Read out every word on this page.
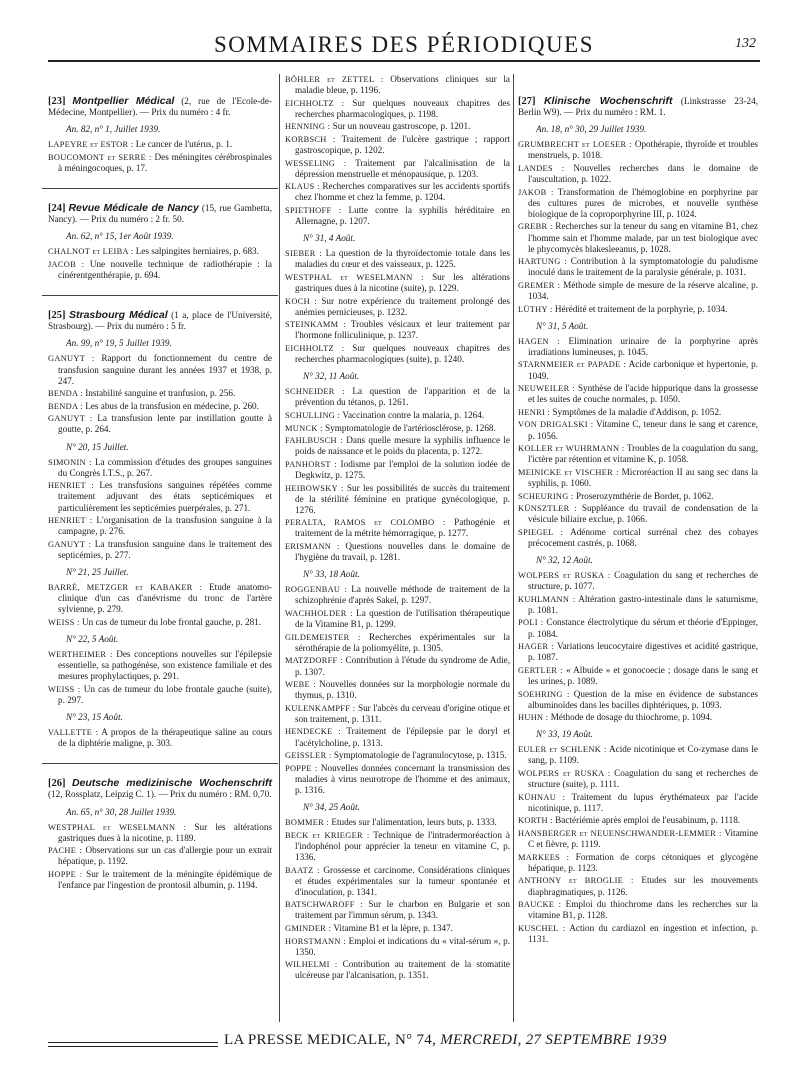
SOMMAIRES DES PÉRIODIQUES	132
[23] Montpellier Médical (2, rue de l'Ecole-de-Médecine, Montpellier). — Prix du numéro : 4 fr.
An. 82, n° 1, Juillet 1939.
LAPEYRE et ESTOR : Le cancer de l'utérus, p. 1.
BOUCOMONT et SERRE : Des méningites cérébrospinales à méningocoques, p. 17.
[24] Revue Médicale de Nancy (15, rue Gambetta, Nancy). — Prix du numéro : 2 fr. 50.
An. 62, n° 15, 1er Août 1939.
CHALNOT et LEIBA : Les salpingites herniaires, p. 683.
JACOB : Une nouvelle technique de radiothérapie : la cinérentgenthérapie, p. 694.
[25] Strasbourg Médical (1 a, place de l'Université, Strasbourg). — Prix du numéro : 5 fr.
An. 99, n° 19, 5 Juillet 1939.
GANUYT : Rapport du fonctionnement du centre de transfusion sanguine durant les années 1937 et 1938, p. 247.
BENDA : Instabilité sanguine et tranfusion, p. 256.
BENDA : Les abus de la transfusion en médecine, p. 260.
GANUYT : La transfusion lente par instillation goutte à goutte, p. 264.
N° 20, 15 Juillet.
SIMONIN : La commission d'études des groupes sanguines du Congrès I.T.S., p. 267.
HENRIET : Les transfusions sanguines répétées comme traitement adjuvant des états septicémiques et particulièrement les septicémies puerpérales, p. 271.
HENRIET : L'organisation de la transfusion sanguine à la campagne, p. 276.
GANUYT : La transfusion sanguine dans le traitement des septicémies, p. 277.
N° 21, 25 Juillet.
BARRÉ, METZGER et KABAKER : Etude anatomo-clinique d'un cas d'anévrisme du tronc de l'artère sylvienne, p. 279.
WEISS : Un cas de tumeur du lobe frontal gauche, p. 281.
N° 22, 5 Août.
WERTHEIMER : Des conceptions nouvelles sur l'épilepsie essentielle, sa pathogénèse, son existence familiale et des mesures prophylactiques, p. 291.
WEISS : Un cas de tumeur du lobe frontale gauche (suite), p. 297.
N° 23, 15 Août.
VALLETTE : A propos de la thérapeutique saline au cours de la diphtérie maligne, p. 303.
[26] Deutsche medizinische Wochenschrift (12, Rossplatz, Leipzig C. 1). — Prix du numéro : RM. 0,70.
An. 65, n° 30, 28 Juillet 1939.
WESTPHAL et WESELMANN : Sur les altérations gastriques dues à la nicotine, p. 1189.
PACHE : Observations sur un cas d'allergie pour un extrait hépatique, p. 1192.
HOPPE : Sur le traitement de la méningite épidémique de l'enfance par l'ingestion de prontosil albumin, p. 1194.
BÖHLER et ZETTEL : Observations cliniques sur la maladie bleue, p. 1196.
EICHHOLTZ : Sur quelques nouveaux chapitres des recherches pharmacologiques, p. 1198.
HENNING : Sur un nouveau gastroscope, p. 1201.
KORBSCH : Traitement de l'ulcère gastrique ; rapport gastroscopique, p. 1202.
WESSELING : Traitement par l'alcalinisation de la dépression menstruelle et ménopausique, p. 1203.
KLAUS : Recherches comparatives sur les accidents sportifs chez l'homme et chez la femme, p. 1204.
SPIETHOFF : Lutte contre la syphilis héréditaire en Allemagne, p. 1207.
N° 31, 4 Août.
SIEBER : La question de la thyroïdectomie totale dans les maladies du cœur et des vaisseaux, p. 1225.
WESTPHAL et WESELMANN : Sur les altérations gastriques dues à la nicotine (suite), p. 1229.
KOCH : Sur notre expérience du traitement prolongé des anémies pernicieuses, p. 1232.
STEINKAMM : Troubles vésicaux et leur traitement par l'hormone folliculinique, p. 1237.
EICHHOLTZ : Sur quelques nouveaux chapitres des recherches pharmacologiques (suite), p. 1240.
N° 32, 11 Août.
SCHNEIDER : La question de l'apparition et de la prévention du tétanos, p. 1261.
SCHULLING : Vaccination contre la malaria, p. 1264.
MUNCK : Symptomatologie de l'artériosclérose, p. 1268.
FAHLBUSCH : Dans quelle mesure la syphilis influence le poids de naissance et le poids du placenta, p. 1272.
PANHORST : Iodisme par l'emploi de la solution iodée de Degkwitz, p. 1275.
HEIBOWSKY : Sur les possibilités de succès du traitement de la stérilité féminine en pratique gynécologique, p. 1276.
PERALTA, RAMOS et COLOMBO : Pathogénie et traitement de la métrite hémorragique, p. 1277.
ERISMANN : Questions nouvelles dans le domaine de l'hygiène du travail, p. 1281.
N° 33, 18 Août.
ROGGENBAU : La nouvelle méthode de traitement de la schizophrénie d'après Sakel, p. 1297.
WACHHOLDER : La question de l'utilisation thérapeutique de la Vitamine B1, p. 1299.
GILDEMEISTER : Recherches expérimentales sur la sérothérapie de la poliomyélite, p. 1305.
MATZDORFF : Contribution à l'étude du syndrome de Adie, p. 1307.
WEBE : Nouvelles données sur la morphologie normale du thymus, p. 1310.
KULENKAMPFF : Sur l'abcès du cerveau d'origine otique et son traitement, p. 1311.
HENDECKE : Traitement de l'épilepsie par le doryl et l'acétylcholine, p. 1313.
GEISSLER : Symptomatologie de l'agranulocytose, p. 1315.
POPPE : Nouvelles données concernant la transmission des maladies à virus neurotrope de l'homme et des animaux, p. 1316.
N° 34, 25 Août.
BOMMER : Etudes sur l'alimentation, leurs buts, p. 1333.
BECK et KRIEGER : Technique de l'intradermoréaction à l'indophénol pour apprécier la teneur en vitamine C, p. 1336.
BAATZ : Grossesse et carcinome. Considérations cliniques et études expérimentales sur la tumeur spontanée et d'inoculation, p. 1341.
BATSCHWAROFF : Sur le charbon en Bulgarie et son traitement par l'immun sérum, p. 1343.
GMINDER : Vitamine B1 et la lèpre, p. 1347.
HORSTMANN : Emploi et indications du « vital-sérum », p. 1350.
WILHELMI : Contribution au traitement de la stomatite ulcéreuse par l'alcanisation, p. 1351.
[27] Klinische Wochenschrift (Linkstrasse 23-24, Berlin W9). — Prix du numéro : RM. 1.
An. 18, n° 30, 29 Juillet 1939.
GRUMBRECHT et LOESER : Opothérapie, thyroïde et troubles menstruels, p. 1018.
LANDES : Nouvelles recherches dans le domaine de l'auscultation, p. 1022.
JAKOB : Transformation de l'hémoglobine en porphyrine par des cultures pures de microbes, et nouvelle synthèse biologique de la coproporphyrine III, p. 1024.
GREBR : Recherches sur la teneur du sang en vitamine B1, chez l'homme sain et l'homme malade, par un test biologique avec le phycomycès blakesleeanus, p. 1028.
HARTUNG : Contribution à la symptomatologie du paludisme inoculé dans le traitement de la paralysie générale, p. 1031.
GREMER : Méthode simple de mesure de la réserve alcaline, p. 1034.
LÜTHY : Hérédité et traitement de la porphyrie, p. 1034.
N° 31, 5 Août.
HAGEN : Elimination urinaire de la porphyrine après irradiations lumineuses, p. 1045.
STARNMEIER et PAPADE : Acide carbonique et hypertonie, p. 1049.
NEUWEILER : Synthèse de l'acide hippurique dans la grossesse et les suites de couche normales, p. 1050.
HENRI : Symptômes de la maladie d'Addison, p. 1052.
VON DRIGALSKI : Vitamine C, teneur dans le sang et carence, p. 1056.
KOLLER et WUHRMANN : Troubles de la coagulation du sang, l'ictère par rétention et vitamine K, p. 1058.
MEINICKE et VISCHER : Microréaction II au sang sec dans la syphilis, p. 1060.
SCHEURING : Proserozymthérie de Bordet, p. 1062.
KÜNSZTLER : Suppléance du travail de condensation de la vésicule biliaire exclue, p. 1066.
SPIEGEL : Adénome cortical surrénal chez des cobayes précocement castrés, p. 1068.
N° 32, 12 Août.
WOLPERS et RUSKA : Coagulation du sang et recherches de structure, p. 1077.
KUHLMANN : Altération gastro-intestinale dans le saturnisme, p. 1081.
POLI : Constance électrolytique du sérum et théorie d'Eppinger, p. 1084.
HAGER : Variations leucocytaire digestives et acidité gastrique, p. 1087.
GERTLER : « Albuide » et gonocoecie ; dosage dans le sang et les urines, p. 1089.
SOEHRING : Question de la mise en évidence de substances albuminoïdes dans les bacilles diphtériques, p. 1093.
HUHN : Méthode de dosage du thiochrome, p. 1094.
N° 33, 19 Août.
EULER et SCHLENK : Acide nicotinique et Co-zymase dans le sang, p. 1109.
WOLPERS et RUSKA : Coagulation du sang et recherches de structure (suite), p. 1111.
KÜHNAU : Traitement du lupus érythémateux par l'acide nicotinique, p. 1117.
KORTH : Bactériémie après emploi de l'eusabinum, p. 1118.
HANSBERGER et NEUENSCHWANDER-LEMMER : Vitamine C et fièvre, p. 1119.
MARKEES : Formation de corps cétoniques et glycogène hépatique, p. 1123.
ANTHONY et BROGLIE : Etudes sur les mouvements diaphragmatiques, p. 1126.
BAUCKE : Emploi du thiochrome dans les recherches sur la vitamine B1, p. 1128.
KUSCHEL : Action du cardiazol en ingestion et infection, p. 1131.
LA PRESSE MEDICALE, N° 74, MERCREDI, 27 SEPTEMBRE 1939
